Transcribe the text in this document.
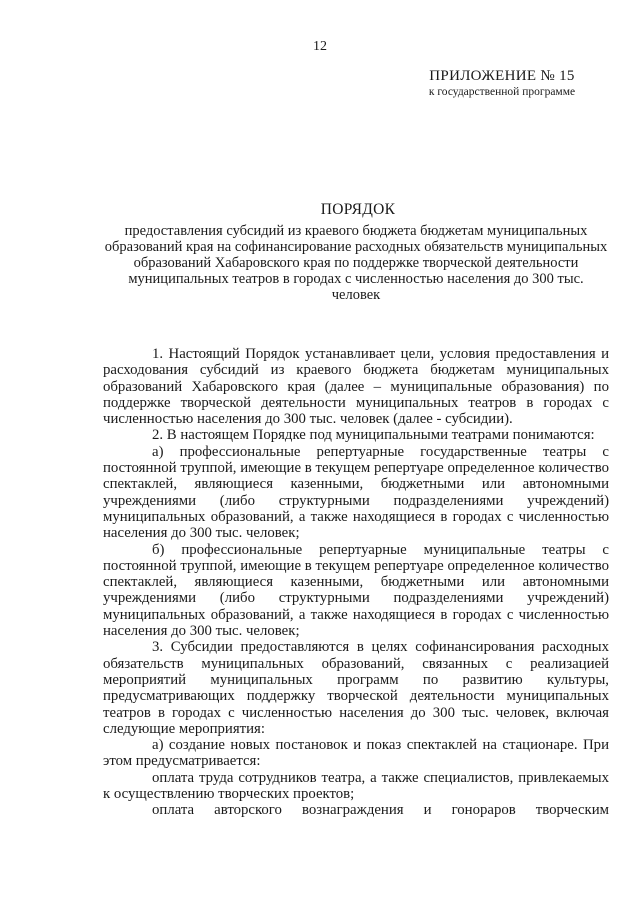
12
ПРИЛОЖЕНИЕ № 15
к государственной программе
ПОРЯДОК
предоставления субсидий из краевого бюджета бюджетам муниципальных образований края на софинансирование расходных обязательств муниципальных образований Хабаровского края по поддержке творческой деятельности муниципальных театров в городах с численностью населения до 300 тыс. человек

1. Настоящий Порядок устанавливает цели, условия предоставления и расходования субсидий из краевого бюджета бюджетам муниципальных образований Хабаровского края (далее – муниципальные образования) по поддержке творческой деятельности муниципальных театров в городах с численностью населения до 300 тыс. человек (далее - субсидии).

2. В настоящем Порядке под муниципальными театрами понимаются:

а) профессиональные репертуарные государственные театры с постоянной труппой, имеющие в текущем репертуаре определенное количество спектаклей, являющиеся казенными, бюджетными или автономными учреждениями (либо структурными подразделениями учреждений) муниципальных образований, а также находящиеся в городах с численностью населения до 300 тыс. человек;

б) профессиональные репертуарные муниципальные театры с постоянной труппой, имеющие в текущем репертуаре определенное количество спектаклей, являющиеся казенными, бюджетными или автономными учреждениями (либо структурными подразделениями учреждений) муниципальных образований, а также находящиеся в городах с численностью населения до 300 тыс. человек;

3. Субсидии предоставляются в целях софинансирования расходных обязательств муниципальных образований, связанных с реализацией мероприятий муниципальных программ по развитию культуры, предусматривающих поддержку творческой деятельности муниципальных театров в городах с численностью населения до 300 тыс. человек, включая следующие мероприятия:

а) создание новых постановок и показ спектаклей на стационаре. При этом предусматривается:

оплата труда сотрудников театра, а также специалистов, привлекаемых к осуществлению творческих проектов;

оплата авторского вознаграждения и гонораров творческим
